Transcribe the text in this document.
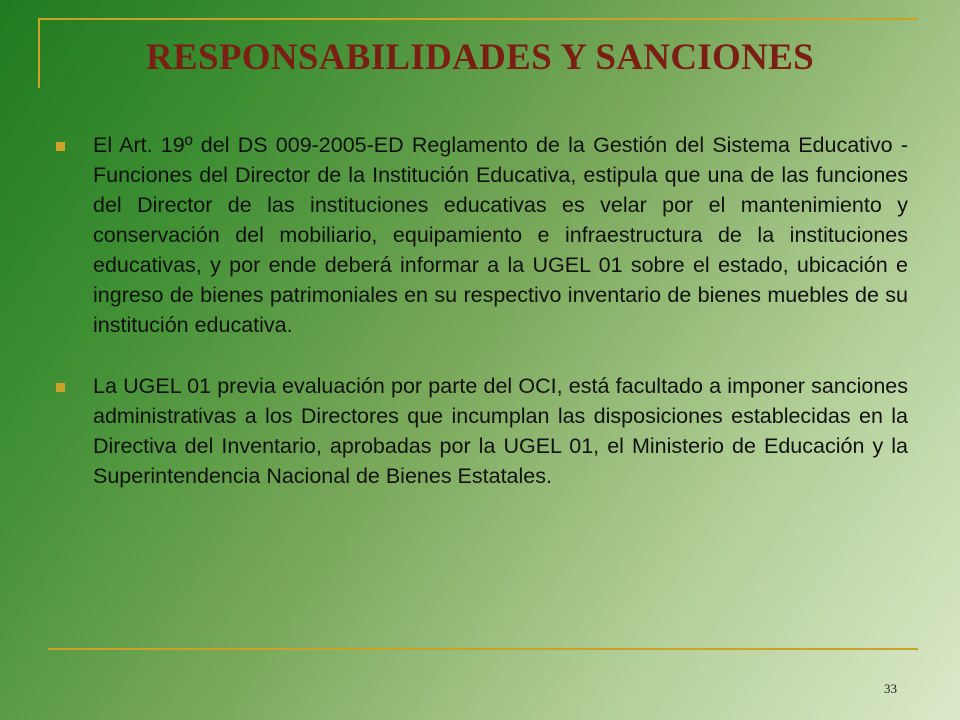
RESPONSABILIDADES Y SANCIONES

El Art. 19º del DS 009-2005-ED Reglamento de la Gestión del Sistema Educativo - Funciones del Director de la Institución Educativa, estipula que una de las funciones del Director de las instituciones educativas es velar por el mantenimiento y conservación del mobiliario, equipamiento e infraestructura de la instituciones educativas, y por ende deberá informar a la UGEL 01 sobre el estado, ubicación e ingreso de bienes patrimoniales en su respectivo inventario de bienes muebles de su institución educativa.

La UGEL 01 previa evaluación por parte del OCI, está facultado a imponer sanciones administrativas a los Directores que incumplan las disposiciones establecidas en la Directiva del Inventario, aprobadas por la UGEL 01, el Ministerio de Educación y la Superintendencia Nacional de Bienes Estatales.

33
